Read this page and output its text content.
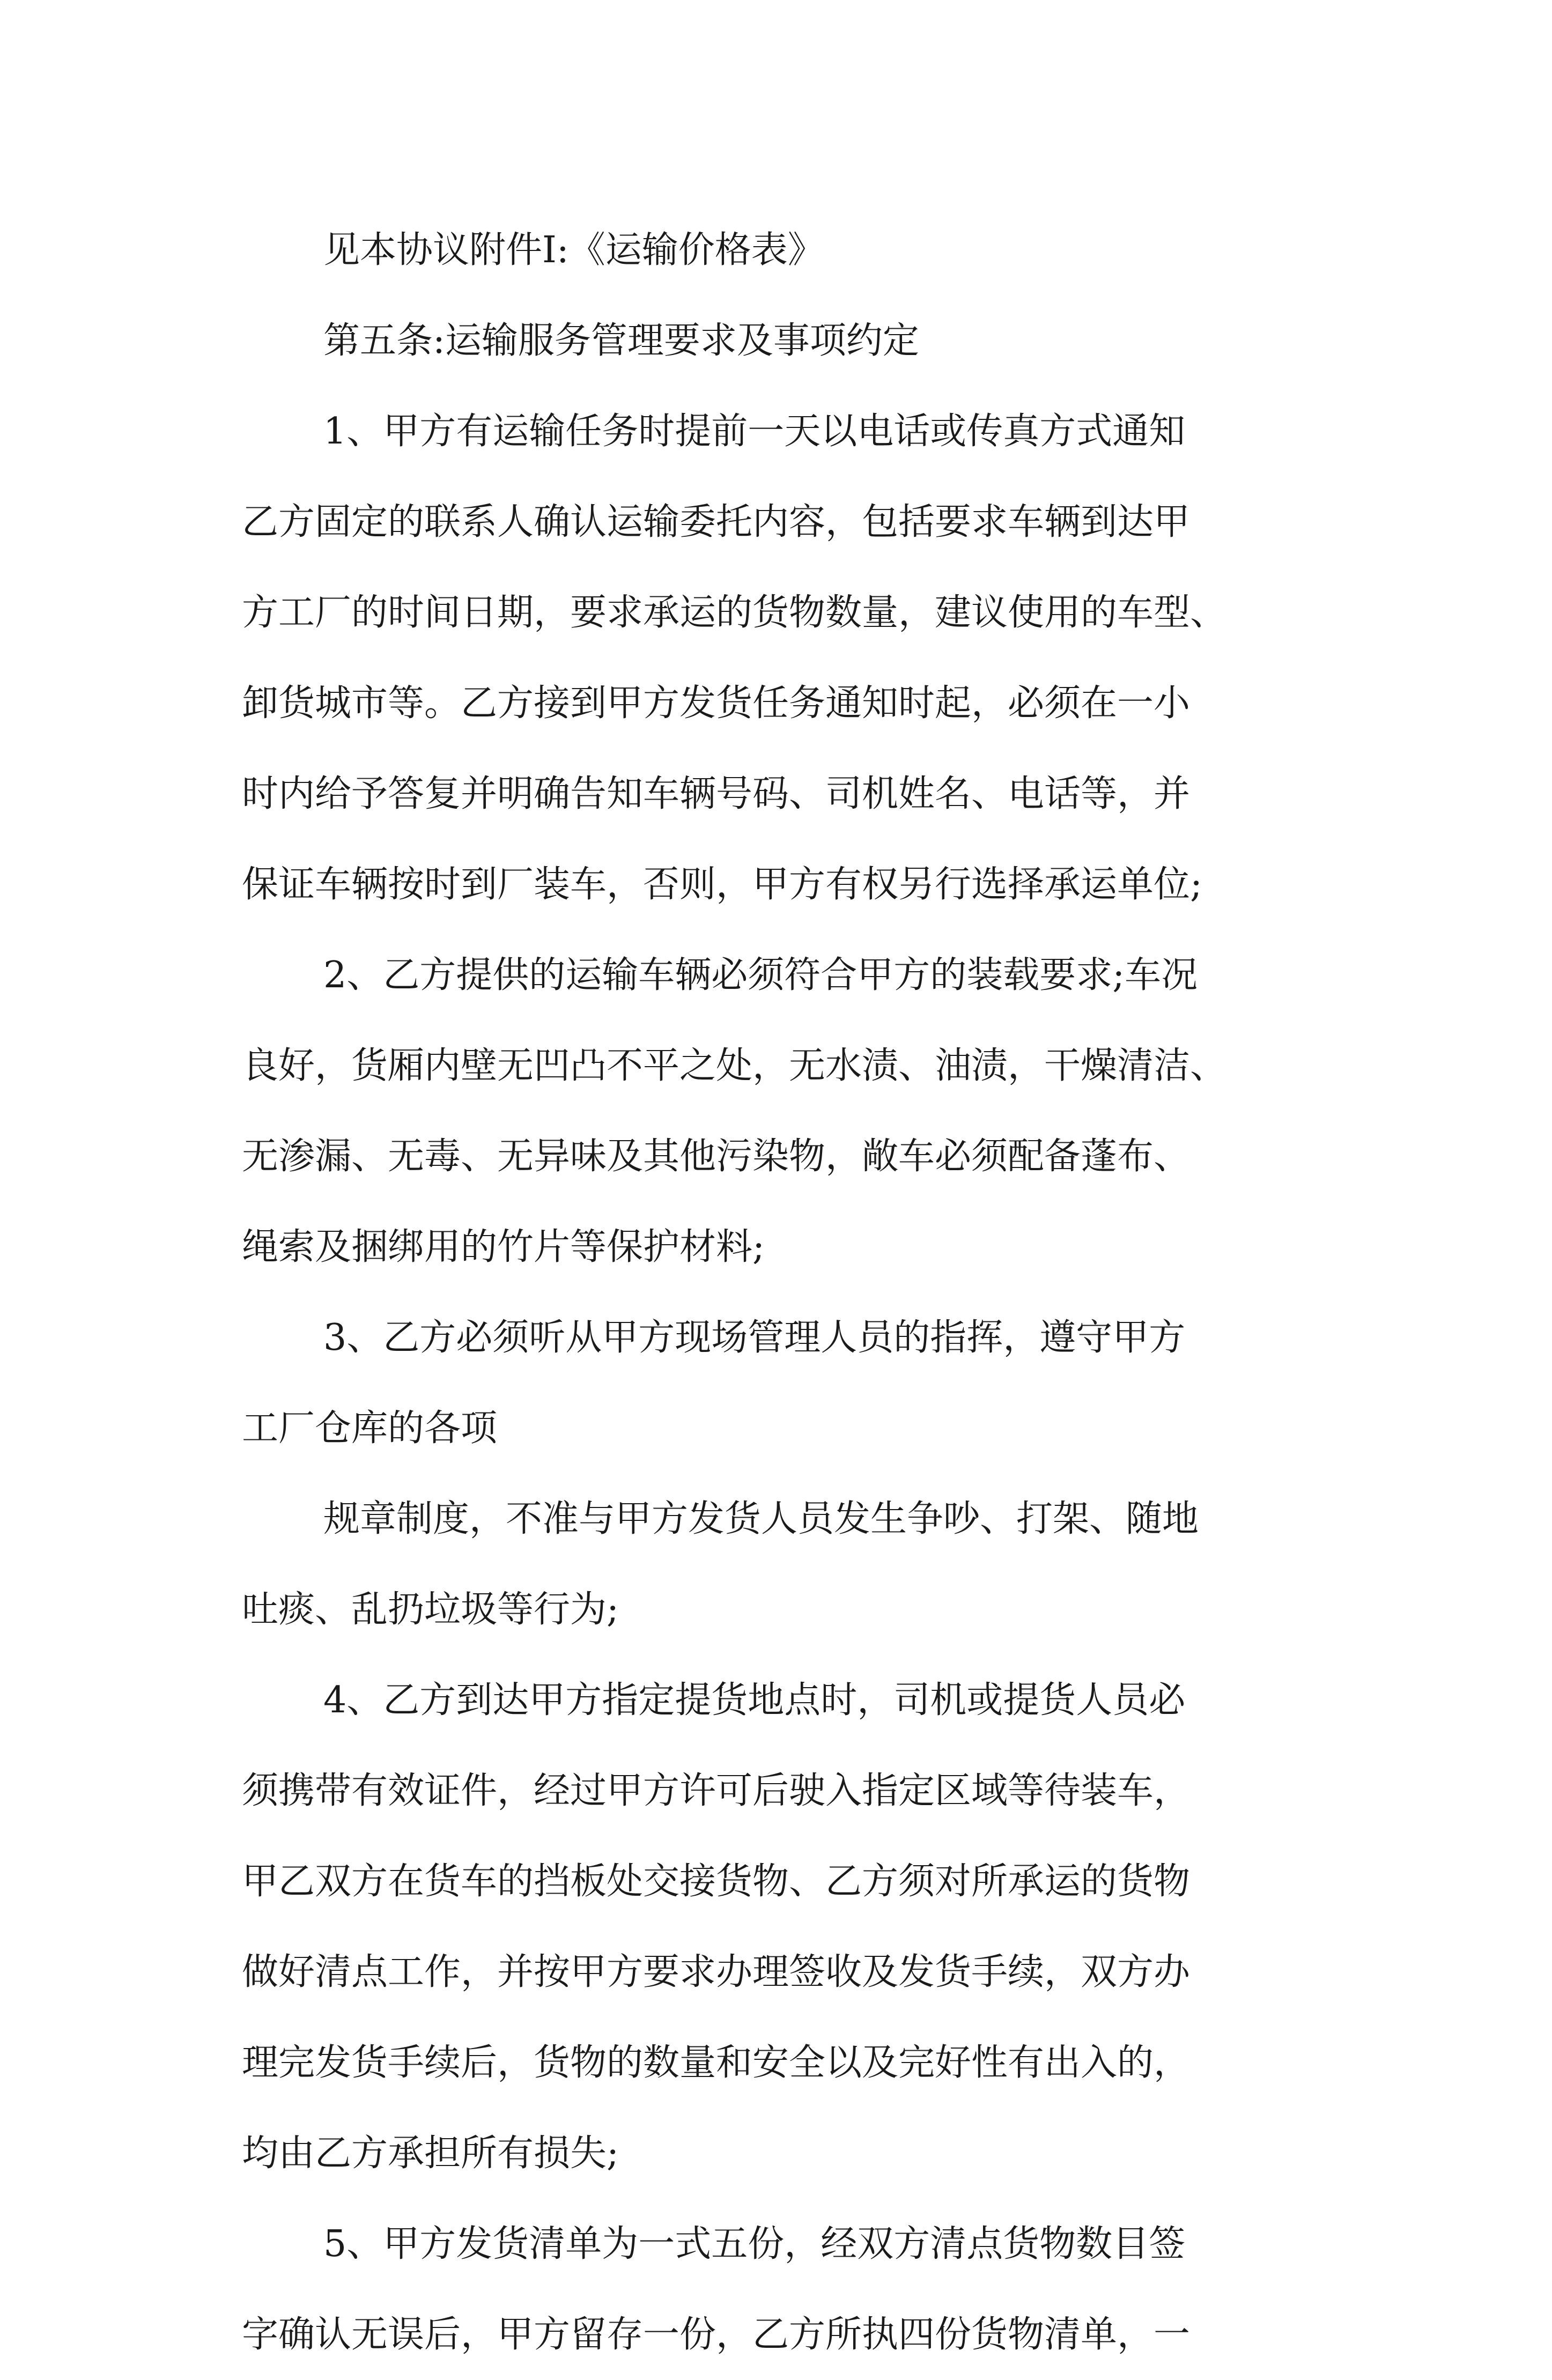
见本协议附件I:《运输价格表》
第五条:运输服务管理要求及事项约定
1、甲方有运输任务时提前一天以电话或传真方式通知
乙方固定的联系人确认运输委托内容，包括要求车辆到达甲
方工厂的时间日期，要求承运的货物数量，建议使用的车型、
卸货城市等。乙方接到甲方发货任务通知时起，必须在一小
时内给予答复并明确告知车辆号码、司机姓名、电话等，并
保证车辆按时到厂装车，否则，甲方有权另行选择承运单位;
2、乙方提供的运输车辆必须符合甲方的装载要求;车况
良好，货厢内壁无凹凸不平之处，无水渍、油渍，干燥清洁、
无渗漏、无毒、无异味及其他污染物，敞车必须配备蓬布、
绳索及捆绑用的竹片等保护材料;
3、乙方必须听从甲方现场管理人员的指挥，遵守甲方
工厂仓库的各项
规章制度，不准与甲方发货人员发生争吵、打架、随地
吐痰、乱扔垃圾等行为;
4、乙方到达甲方指定提货地点时，司机或提货人员必
须携带有效证件，经过甲方许可后驶入指定区域等待装车，
甲乙双方在货车的挡板处交接货物、乙方须对所承运的货物
做好清点工作，并按甲方要求办理签收及发货手续，双方办
理完发货手续后，货物的数量和安全以及完好性有出入的，
均由乙方承担所有损失;
5、甲方发货清单为一式五份，经双方清点货物数目签
字确认无误后，甲方留存一份，乙方所执四份货物清单，一
